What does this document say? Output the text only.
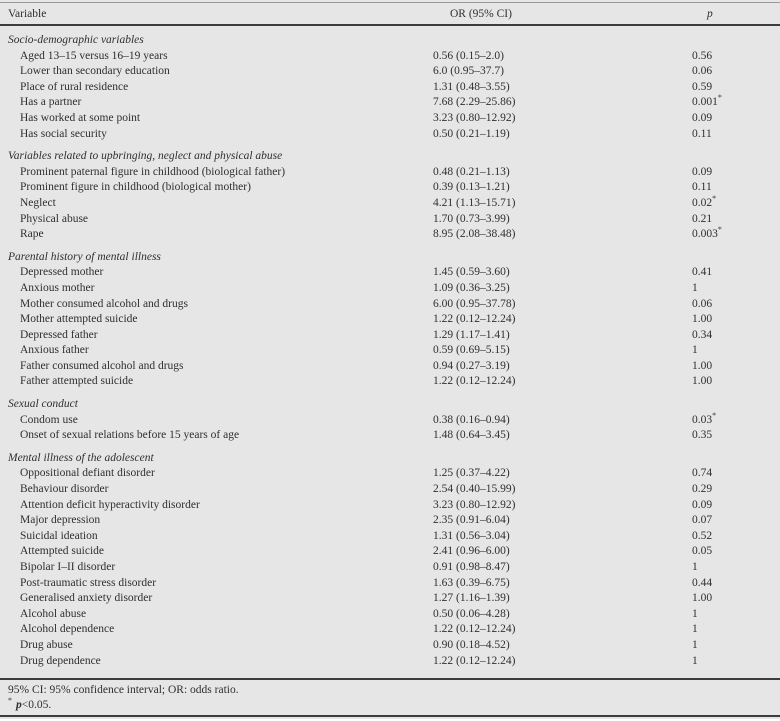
Variable	OR (95% CI)	p
Socio-demographic variables
Aged 13–15 versus 16–19 years	0.56 (0.15–2.0)	0.56
Lower than secondary education	6.0 (0.95–37.7)	0.06
Place of rural residence	1.31 (0.48–3.55)	0.59
Has a partner	7.68 (2.29–25.86)	0.001*
Has worked at some point	3.23 (0.80–12.92)	0.09
Has social security	0.50 (0.21–1.19)	0.11
Variables related to upbringing, neglect and physical abuse
Prominent paternal figure in childhood (biological father)	0.48 (0.21–1.13)	0.09
Prominent figure in childhood (biological mother)	0.39 (0.13–1.21)	0.11
Neglect	4.21 (1.13–15.71)	0.02*
Physical abuse	1.70 (0.73–3.99)	0.21
Rape	8.95 (2.08–38.48)	0.003*
Parental history of mental illness
Depressed mother	1.45 (0.59–3.60)	0.41
Anxious mother	1.09 (0.36–3.25)	1
Mother consumed alcohol and drugs	6.00 (0.95–37.78)	0.06
Mother attempted suicide	1.22 (0.12–12.24)	1.00
Depressed father	1.29 (1.17–1.41)	0.34
Anxious father	0.59 (0.69–5.15)	1
Father consumed alcohol and drugs	0.94 (0.27–3.19)	1.00
Father attempted suicide	1.22 (0.12–12.24)	1.00
Sexual conduct
Condom use	0.38 (0.16–0.94)	0.03*
Onset of sexual relations before 15 years of age	1.48 (0.64–3.45)	0.35
Mental illness of the adolescent
Oppositional defiant disorder	1.25 (0.37–4.22)	0.74
Behaviour disorder	2.54 (0.40–15.99)	0.29
Attention deficit hyperactivity disorder	3.23 (0.80–12.92)	0.09
Major depression	2.35 (0.91–6.04)	0.07
Suicidal ideation	1.31 (0.56–3.04)	0.52
Attempted suicide	2.41 (0.96–6.00)	0.05
Bipolar I–II disorder	0.91 (0.98–8.47)	1
Post-traumatic stress disorder	1.63 (0.39–6.75)	0.44
Generalised anxiety disorder	1.27 (1.16–1.39)	1.00
Alcohol abuse	0.50 (0.06–4.28)	1
Alcohol dependence	1.22 (0.12–12.24)	1
Drug abuse	0.90 (0.18–4.52)	1
Drug dependence	1.22 (0.12–12.24)	1
95% CI: 95% confidence interval; OR: odds ratio.
* p<0.05.
